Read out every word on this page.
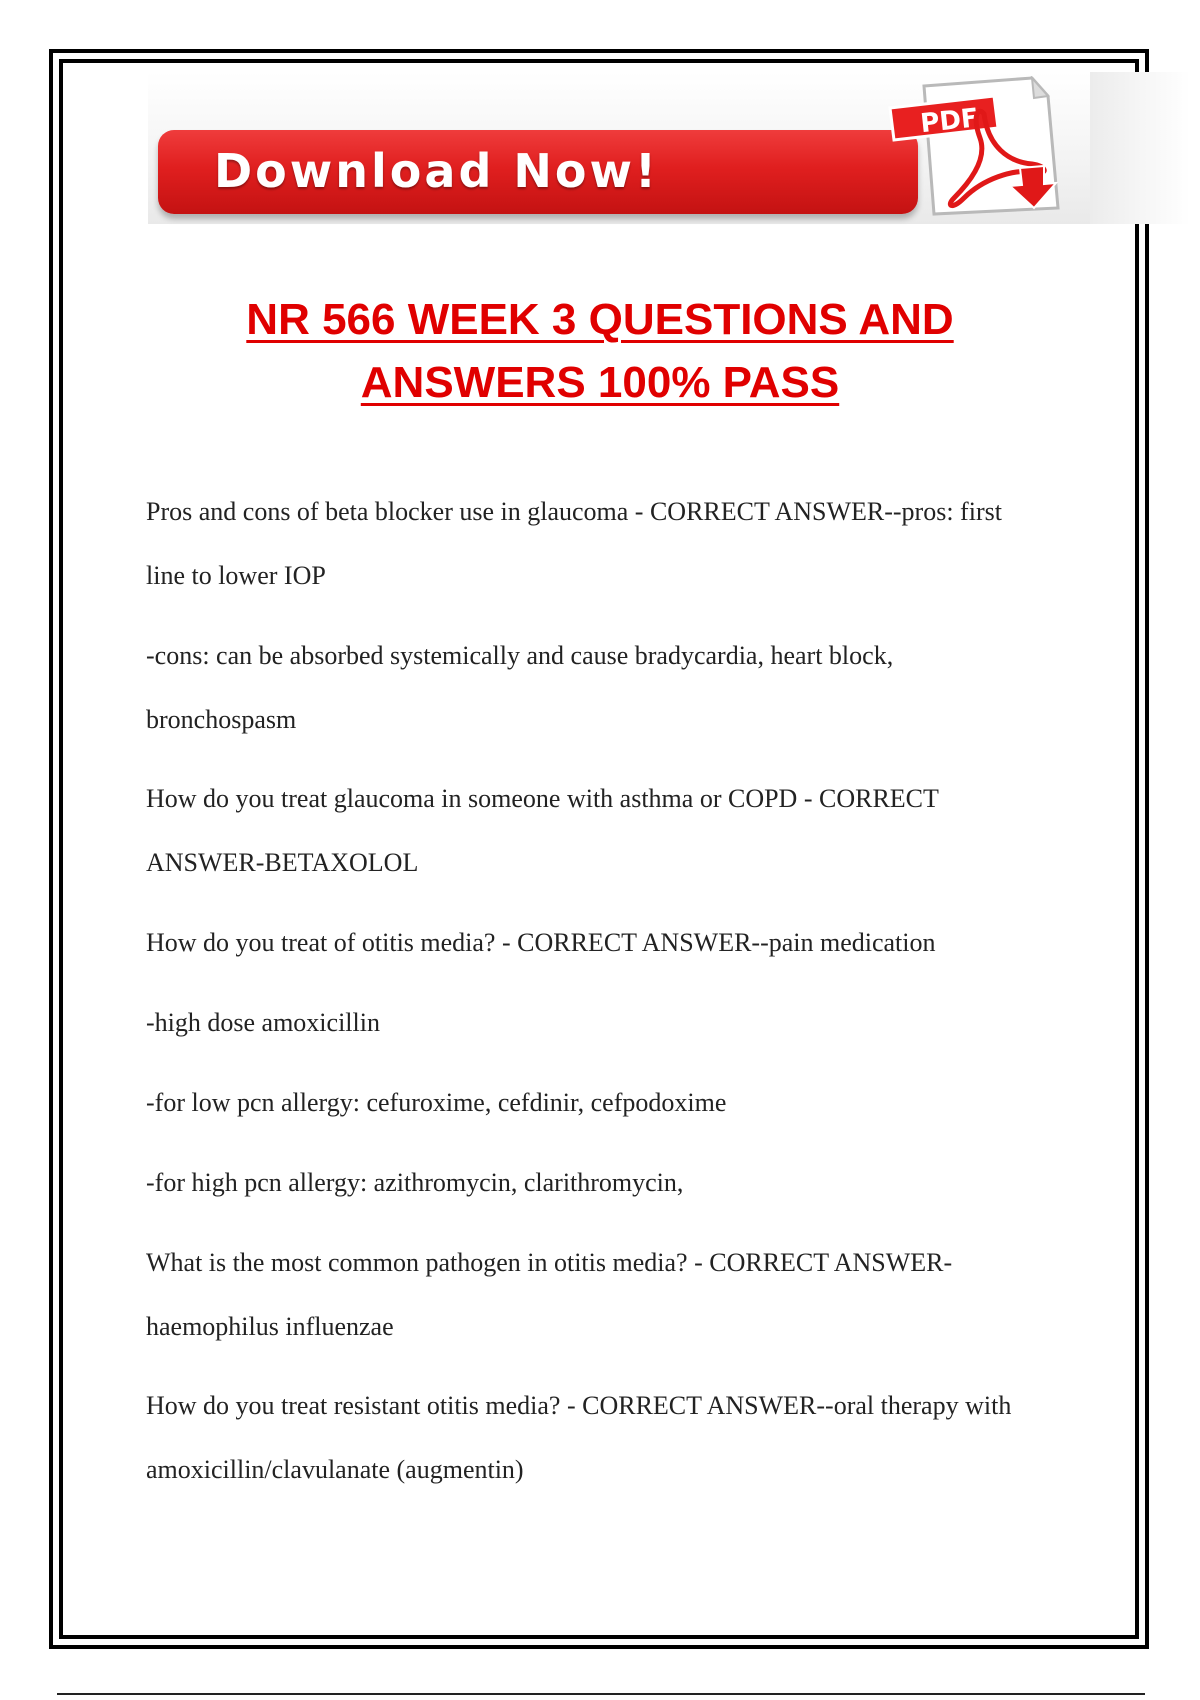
Download Now!
PDF
NR 566 WEEK 3 QUESTIONS AND
ANSWERS 100% PASS
Pros and cons of beta blocker use in glaucoma - CORRECT ANSWER--pros: first line to lower IOP
-cons: can be absorbed systemically and cause bradycardia, heart block, bronchospasm
How do you treat glaucoma in someone with asthma or COPD - CORRECT ANSWER-BETAXOLOL
How do you treat of otitis media? - CORRECT ANSWER--pain medication
-high dose amoxicillin
-for low pcn allergy: cefuroxime, cefdinir, cefpodoxime
-for high pcn allergy: azithromycin, clarithromycin,
What is the most common pathogen in otitis media? - CORRECT ANSWER-haemophilus influenzae
How do you treat resistant otitis media? - CORRECT ANSWER--oral therapy with amoxicillin/clavulanate (augmentin)
